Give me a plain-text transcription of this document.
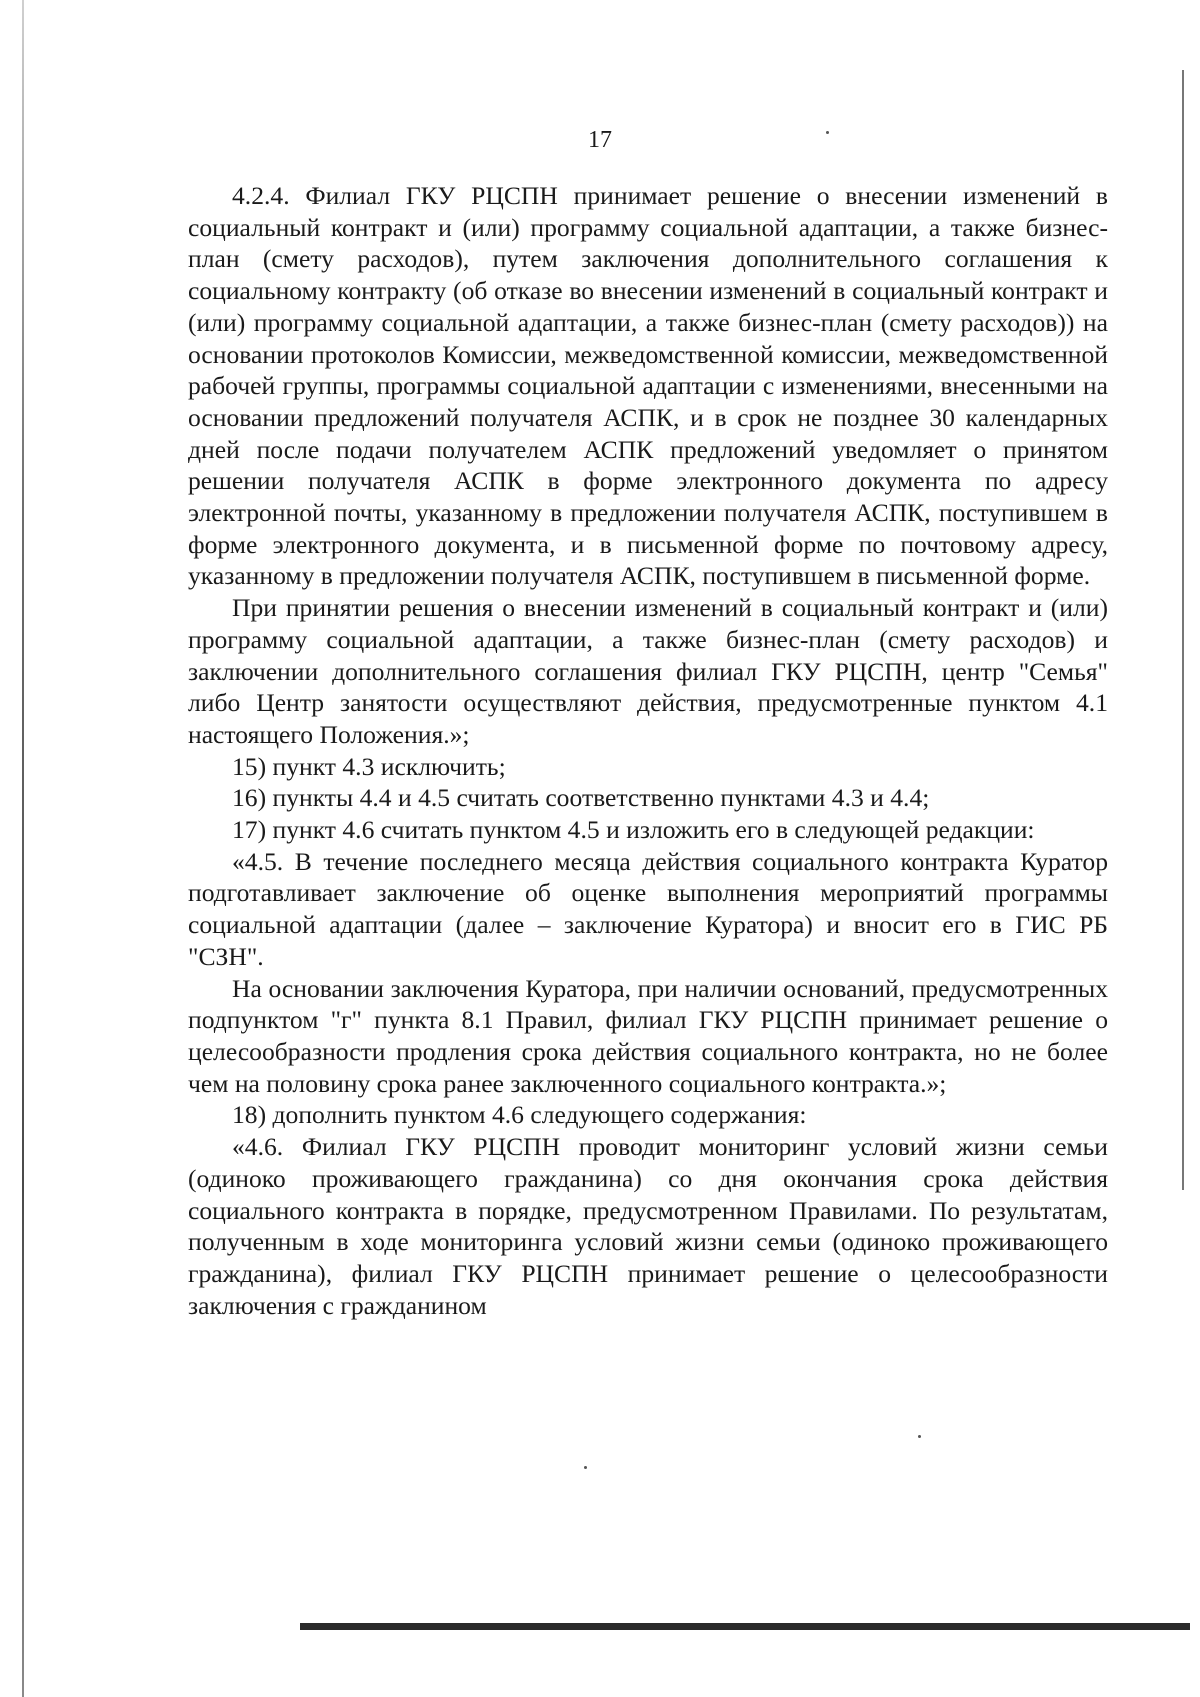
17

4.2.4. Филиал ГКУ РЦСПН принимает решение о внесении изменений в социальный контракт и (или) программу социальной адаптации, а также бизнес-план (смету расходов), путем заключения дополнительного соглашения к социальному контракту (об отказе во внесении изменений в социальный контракт и (или) программу социальной адаптации, а также бизнес-план (смету расходов)) на основании протоколов Комиссии, межведомственной комиссии, межведомственной рабочей группы, программы социальной адаптации с изменениями, внесенными на основании предложений получателя АСПК, и в срок не позднее 30 календарных дней после подачи получателем АСПК предложений уведомляет о принятом решении получателя АСПК в форме электронного документа по адресу электронной почты, указанному в предложении получателя АСПК, поступившем в форме электронного документа, и в письменной форме по почтовому адресу, указанному в предложении получателя АСПК, поступившем в письменной форме.

При принятии решения о внесении изменений в социальный контракт и (или) программу социальной адаптации, а также бизнес-план (смету расходов) и заключении дополнительного соглашения филиал ГКУ РЦСПН, центр "Семья" либо Центр занятости осуществляют действия, предусмотренные пунктом 4.1 настоящего Положения.»;

15) пункт 4.3 исключить;

16) пункты 4.4 и 4.5 считать соответственно пунктами 4.3 и 4.4;

17) пункт 4.6 считать пунктом 4.5 и изложить его в следующей редакции:

«4.5. В течение последнего месяца действия социального контракта Куратор подготавливает заключение об оценке выполнения мероприятий программы социальной адаптации (далее – заключение Куратора) и вносит его в ГИС РБ "СЗН".

На основании заключения Куратора, при наличии оснований, предусмотренных подпунктом "г" пункта 8.1 Правил, филиал ГКУ РЦСПН принимает решение о целесообразности продления срока действия социального контракта, но не более чем на половину срока ранее заключенного социального контракта.»;

18) дополнить пунктом 4.6 следующего содержания:

«4.6. Филиал ГКУ РЦСПН проводит мониторинг условий жизни семьи (одиноко проживающего гражданина) со дня окончания срока действия социального контракта в порядке, предусмотренном Правилами. По результатам, полученным в ходе мониторинга условий жизни семьи (одиноко проживающего гражданина), филиал ГКУ РЦСПН принимает решение о целесообразности заключения с гражданином
